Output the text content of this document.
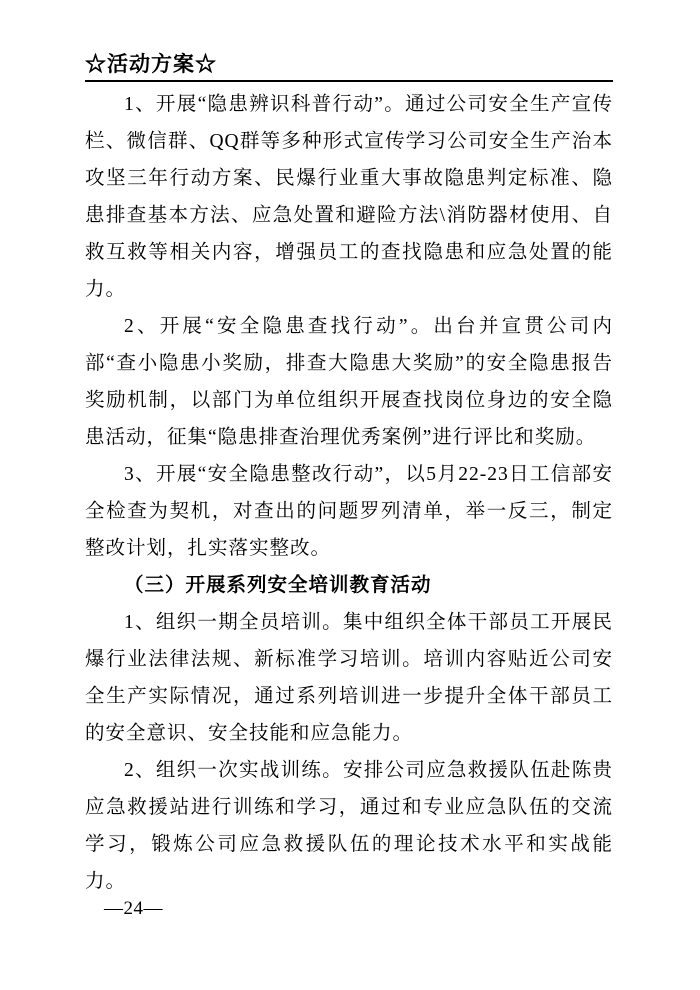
☆活动方案☆

1、开展“隐患辨识科普行动”。通过公司安全生产宣传栏、微信群、QQ群等多种形式宣传学习公司安全生产治本攻坚三年行动方案、民爆行业重大事故隐患判定标准、隐患排查基本方法、应急处置和避险方法\消防器材使用、自救互救等相关内容，增强员工的查找隐患和应急处置的能力。

2、开展“安全隐患查找行动”。出台并宣贯公司内部“查小隐患小奖励，排查大隐患大奖励”的安全隐患报告奖励机制，以部门为单位组织开展查找岗位身边的安全隐患活动，征集“隐患排查治理优秀案例”进行评比和奖励。

3、开展“安全隐患整改行动”，以5月22-23日工信部安全检查为契机，对查出的问题罗列清单，举一反三，制定整改计划，扎实落实整改。

（三）开展系列安全培训教育活动

1、组织一期全员培训。集中组织全体干部员工开展民爆行业法律法规、新标准学习培训。培训内容贴近公司安全生产实际情况，通过系列培训进一步提升全体干部员工的安全意识、安全技能和应急能力。

2、组织一次实战训练。安排公司应急救援队伍赴陈贵应急救援站进行训练和学习，通过和专业应急队伍的交流学习，锻炼公司应急救援队伍的理论技术水平和实战能力。

—24—
